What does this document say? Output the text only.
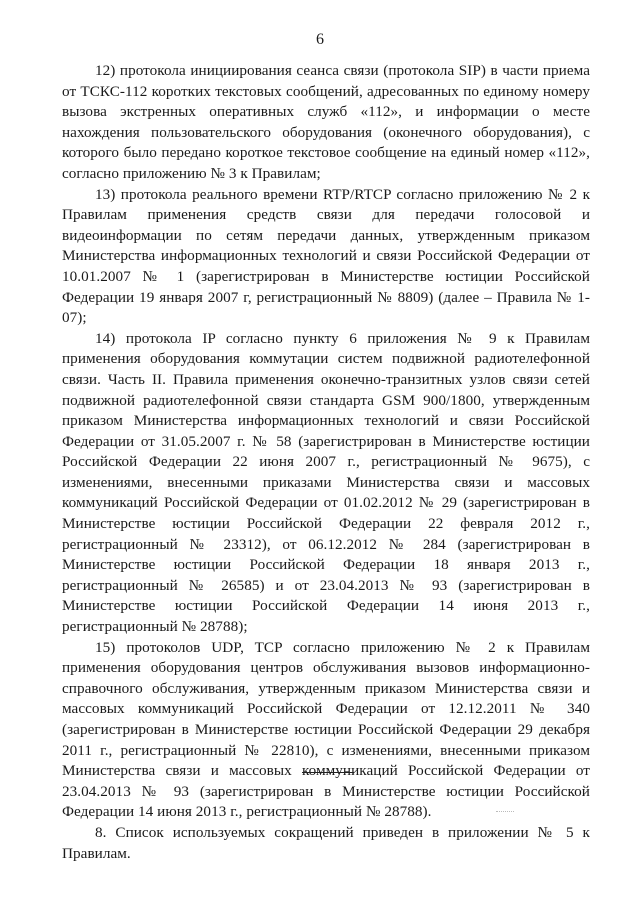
6

12) протокола инициирования сеанса связи (протокола SIP) в части приема от ТСКС-112 коротких текстовых сообщений, адресованных по единому номеру вызова экстренных оперативных служб «112», и информации о месте нахождения пользовательского оборудования (оконечного оборудования), с которого было передано короткое текстовое сообщение на единый номер «112», согласно приложению № 3 к Правилам;

13) протокола реального времени RTP/RTCP согласно приложению № 2 к Правилам применения средств связи для передачи голосовой и видеоинформации по сетям передачи данных, утвержденным приказом Министерства информационных технологий и связи Российской Федерации от 10.01.2007 № 1 (зарегистрирован в Министерстве юстиции Российской Федерации 19 января 2007 г, регистрационный № 8809) (далее – Правила № 1-07);

14) протокола IP согласно пункту 6 приложения № 9 к Правилам применения оборудования коммутации систем подвижной радиотелефонной связи. Часть II. Правила применения оконечно-транзитных узлов связи сетей подвижной радиотелефонной связи стандарта GSM 900/1800, утвержденным приказом Министерства информационных технологий и связи Российской Федерации от 31.05.2007 г. № 58 (зарегистрирован в Министерстве юстиции Российской Федерации 22 июня 2007 г., регистрационный № 9675), с изменениями, внесенными приказами Министерства связи и массовых коммуникаций Российской Федерации от 01.02.2012 № 29 (зарегистрирован в Министерстве юстиции Российской Федерации 22 февраля 2012 г., регистрационный № 23312), от 06.12.2012 № 284 (зарегистрирован в Министерстве юстиции Российской Федерации 18 января 2013 г., регистрационный № 26585) и от 23.04.2013 № 93 (зарегистрирован в Министерстве юстиции Российской Федерации 14 июня 2013 г., регистрационный № 28788);

15) протоколов UDP, TCP согласно приложению № 2 к Правилам применения оборудования центров обслуживания вызовов информационно-справочного обслуживания, утвержденным приказом Министерства связи и массовых коммуникаций Российской Федерации от 12.12.2011 № 340 (зарегистрирован в Министерстве юстиции Российской Федерации 29 декабря 2011 г., регистрационный № 22810), с изменениями, внесенными приказом Министерства связи и массовых коммуникаций Российской Федерации от 23.04.2013 № 93 (зарегистрирован в Министерстве юстиции Российской Федерации 14 июня 2013 г., регистрационный № 28788).

8. Список используемых сокращений приведен в приложении № 5 к Правилам.
